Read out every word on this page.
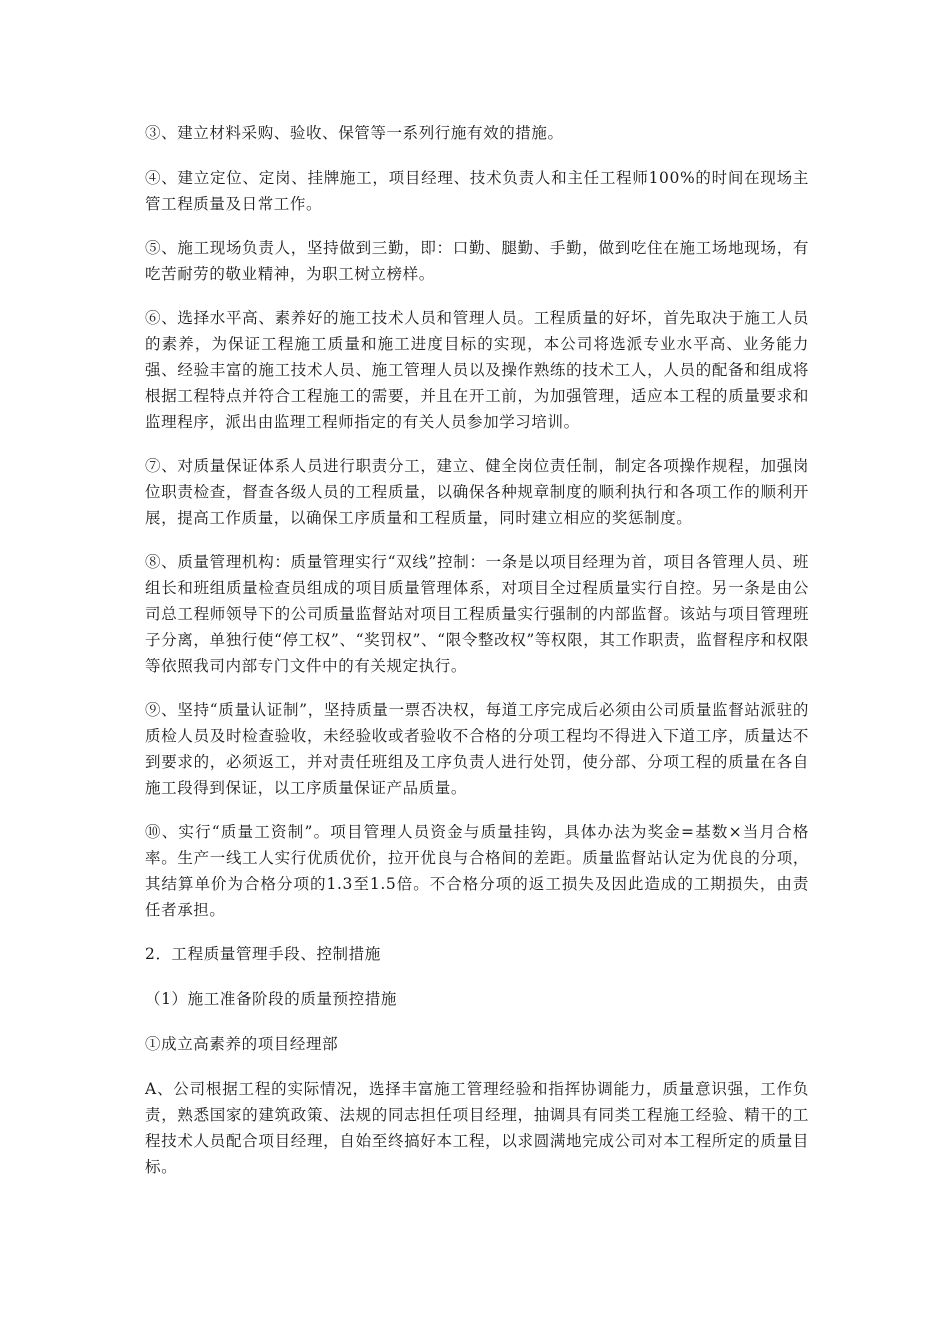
③、建立材料采购、验收、保管等一系列行施有效的措施。

④、建立定位、定岗、挂牌施工，项目经理、技术负责人和主任工程师100%的时间在现场主管工程质量及日常工作。

⑤、施工现场负责人，坚持做到三勤，即：口勤、腿勤、手勤，做到吃住在施工场地现场，有吃苦耐劳的敬业精神，为职工树立榜样。

⑥、选择水平高、素养好的施工技术人员和管理人员。工程质量的好坏，首先取决于施工人员的素养，为保证工程施工质量和施工进度目标的实现，本公司将选派专业水平高、业务能力强、经验丰富的施工技术人员、施工管理人员以及操作熟练的技术工人，人员的配备和组成将根据工程特点并符合工程施工的需要，并且在开工前，为加强管理，适应本工程的质量要求和监理程序，派出由监理工程师指定的有关人员参加学习培训。

⑦、对质量保证体系人员进行职责分工，建立、健全岗位责任制，制定各项操作规程，加强岗位职责检查，督查各级人员的工程质量，以确保各种规章制度的顺利执行和各项工作的顺利开展，提高工作质量，以确保工序质量和工程质量，同时建立相应的奖惩制度。

⑧、质量管理机构：质量管理实行“双线”控制：一条是以项目经理为首，项目各管理人员、班组长和班组质量检查员组成的项目质量管理体系，对项目全过程质量实行自控。另一条是由公司总工程师领导下的公司质量监督站对项目工程质量实行强制的内部监督。该站与项目管理班子分离，单独行使“停工权”、“奖罚权”、“限令整改权”等权限，其工作职责，监督程序和权限等依照我司内部专门文件中的有关规定执行。

⑨、坚持“质量认证制”，坚持质量一票否决权，每道工序完成后必须由公司质量监督站派驻的质检人员及时检查验收，未经验收或者验收不合格的分项工程均不得进入下道工序，质量达不到要求的，必须返工，并对责任班组及工序负责人进行处罚，使分部、分项工程的质量在各自施工段得到保证，以工序质量保证产品质量。

⑩、实行“质量工资制”。项目管理人员资金与质量挂钩，具体办法为奖金=基数×当月合格率。生产一线工人实行优质优价，拉开优良与合格间的差距。质量监督站认定为优良的分项，其结算单价为合格分项的1.3至1.5倍。不合格分项的返工损失及因此造成的工期损失，由责任者承担。

2．工程质量管理手段、控制措施

（1）施工准备阶段的质量预控措施

①成立高素养的项目经理部

A、公司根据工程的实际情况，选择丰富施工管理经验和指挥协调能力，质量意识强，工作负责，熟悉国家的建筑政策、法规的同志担任项目经理，抽调具有同类工程施工经验、精干的工程技术人员配合项目经理，自始至终搞好本工程，以求圆满地完成公司对本工程所定的质量目标。
